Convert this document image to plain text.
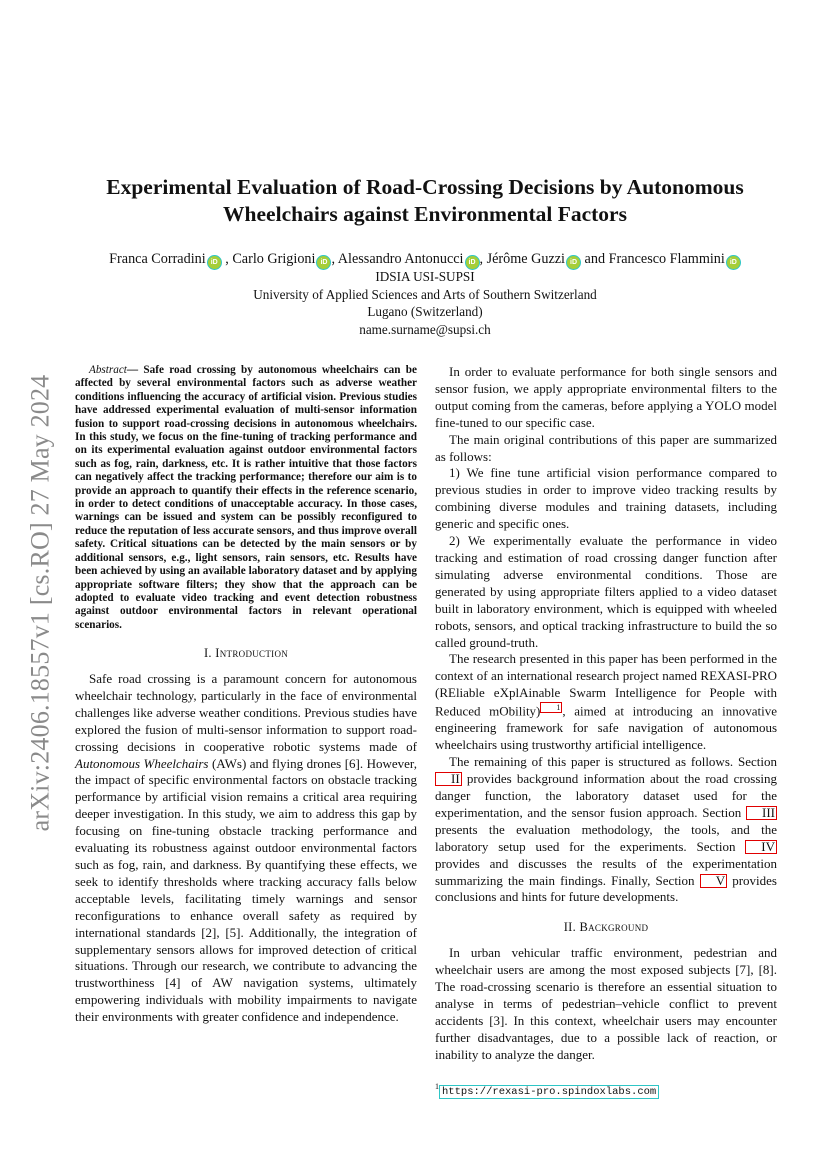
arXiv:2406.18557v1 [cs.RO] 27 May 2024
Experimental Evaluation of Road-Crossing Decisions by Autonomous Wheelchairs against Environmental Factors
Franca Corradini iD , Carlo Grigioni iD , Alessandro Antonucci iD , Jérôme Guzzi iD and Francesco Flammini iD
IDSIA USI-SUPSI
University of Applied Sciences and Arts of Southern Switzerland
Lugano (Switzerland)
name.surname@supsi.ch

Abstract— Safe road crossing by autonomous wheelchairs can be affected by several environmental factors such as adverse weather conditions influencing the accuracy of artificial vision. Previous studies have addressed experimental evaluation of multi-sensor information fusion to support road-crossing decisions in autonomous wheelchairs. In this study, we focus on the fine-tuning of tracking performance and on its experimental evaluation against outdoor environmental factors such as fog, rain, darkness, etc. It is rather intuitive that those factors can negatively affect the tracking performance; therefore our aim is to provide an approach to quantify their effects in the reference scenario, in order to detect conditions of unacceptable accuracy. In those cases, warnings can be issued and system can be possibly reconfigured to reduce the reputation of less accurate sensors, and thus improve overall safety. Critical situations can be detected by the main sensors or by additional sensors, e.g., light sensors, rain sensors, etc. Results have been achieved by using an available laboratory dataset and by applying appropriate software filters; they show that the approach can be adopted to evaluate video tracking and event detection robustness against outdoor environmental factors in relevant operational scenarios.

I. Introduction

Safe road crossing is a paramount concern for autonomous wheelchair technology, particularly in the face of environmental challenges like adverse weather conditions. Previous studies have explored the fusion of multi-sensor information to support road-crossing decisions in cooperative robotic systems made of Autonomous Wheelchairs (AWs) and flying drones [6]. However, the impact of specific environmental factors on obstacle tracking performance by artificial vision remains a critical area requiring deeper investigation. In this study, we aim to address this gap by focusing on fine-tuning obstacle tracking performance and evaluating its robustness against outdoor environmental factors such as fog, rain, and darkness. By quantifying these effects, we seek to identify thresholds where tracking accuracy falls below acceptable levels, facilitating timely warnings and sensor reconfigurations to enhance overall safety as required by international standards [2], [5]. Additionally, the integration of supplementary sensors allows for improved detection of critical situations. Through our research, we contribute to advancing the trustworthiness [4] of AW navigation systems, ultimately empowering individuals with mobility impairments to navigate their environments with greater confidence and independence.

In order to evaluate performance for both single sensors and sensor fusion, we apply appropriate environmental filters to the output coming from the cameras, before applying a YOLO model fine-tuned to our specific case.

The main original contributions of this paper are summarized as follows:

1) We fine tune artificial vision performance compared to previous studies in order to improve video tracking results by combining diverse modules and training datasets, including generic and specific ones.

2) We experimentally evaluate the performance in video tracking and estimation of road crossing danger function after simulating adverse environmental conditions. Those are generated by using appropriate filters applied to a video dataset built in laboratory environment, which is equipped with wheeled robots, sensors, and optical tracking infrastructure to build the so called ground-truth.

The research presented in this paper has been performed in the context of an international research project named REXASI-PRO (REliable eXplAinable Swarm Intelligence for People with Reduced mObility) 1 , aimed at introducing an innovative engineering framework for safe navigation of autonomous wheelchairs using trustworthy artificial intelligence.

The remaining of this paper is structured as follows. Section II provides background information about the road crossing danger function, the laboratory dataset used for the experimentation, and the sensor fusion approach. Section III presents the evaluation methodology, the tools, and the laboratory setup used for the experiments. Section IV provides and discusses the results of the experimentation summarizing the main findings. Finally, Section V provides conclusions and hints for future developments.

II. Background

In urban vehicular traffic environment, pedestrian and wheelchair users are among the most exposed subjects [7], [8]. The road-crossing scenario is therefore an essential situation to analyse in terms of pedestrian–vehicle conflict to prevent accidents [3]. In this context, wheelchair users may encounter further disadvantages, due to a possible lack of reaction, or inability to analyze the danger.

$^1$ https://rexasi-pro.spindoxlabs.com
